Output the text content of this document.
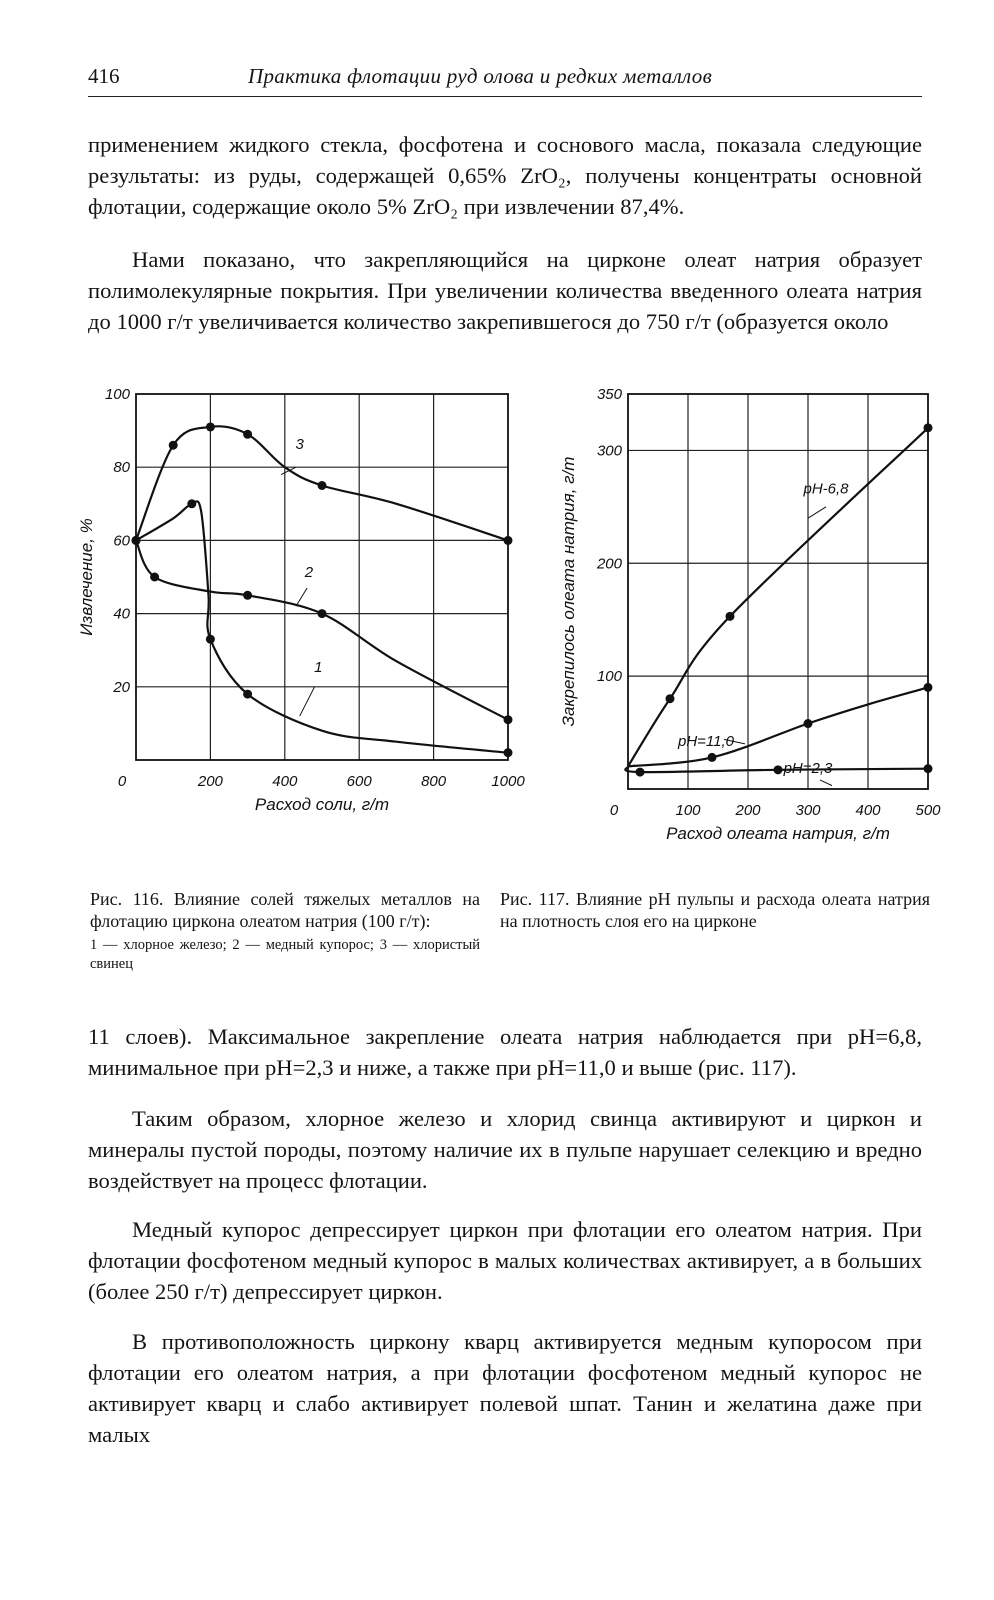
416	Практика флотации руд олова и редких металлов

применением жидкого стекла, фосфотена и соснового масла, показала следующие результаты: из руды, содержащей 0,65% ZrO₂, получены концентраты основной флотации, содержащие около 5% ZrO₂ при извлечении 87,4%.

Нами показано, что закрепляющийся на цирконе олеат натрия образует полимолекулярные покрытия. При увеличении количества введенного олеата натрия до 1000 г/т увеличивается количество закрепившегося до 750 г/т (образуется около

0	200	400	600	800	1000
20
40
60
80
100
Расход соли, г/т
Извлечение, %
1
2
3
0	100 200 300 400 500
100
200
300
350
Расход олеата натрия, г/т
Закрепилось олеата натрия, г/т	pH-6,8
pH=11,0
pH=2,3
Рис. 116. Влияние солей тяжелых металлов на флотацию циркона олеатом натрия (100 г/т):
1 — хлорное железо; 2 — медный купорос; 3 — хлористый свинец
Рис. 117. Влияние pH пульпы и расхода олеата натрия на плотность слоя его на цирконе

11 слоев). Максимальное закрепление олеата натрия наблюдается при pH=6,8, минимальное при pH=2,3 и ниже, а также при pH=11,0 и выше (рис. 117).

Таким образом, хлорное железо и хлорид свинца активируют и циркон и минералы пустой породы, поэтому наличие их в пульпе нарушает селекцию и вредно воздействует на процесс флотации.

Медный купорос депрессирует циркон при флотации его олеатом натрия. При флотации фосфотеном медный купорос в малых количествах активирует, а в больших (более 250 г/т) депрессирует циркон.

В противоположность циркону кварц активируется медным купоросом при флотации его олеатом натрия, а при флотации фосфотеном медный купорос не активирует кварц и слабо активирует полевой шпат. Танин и желатина даже при малых
